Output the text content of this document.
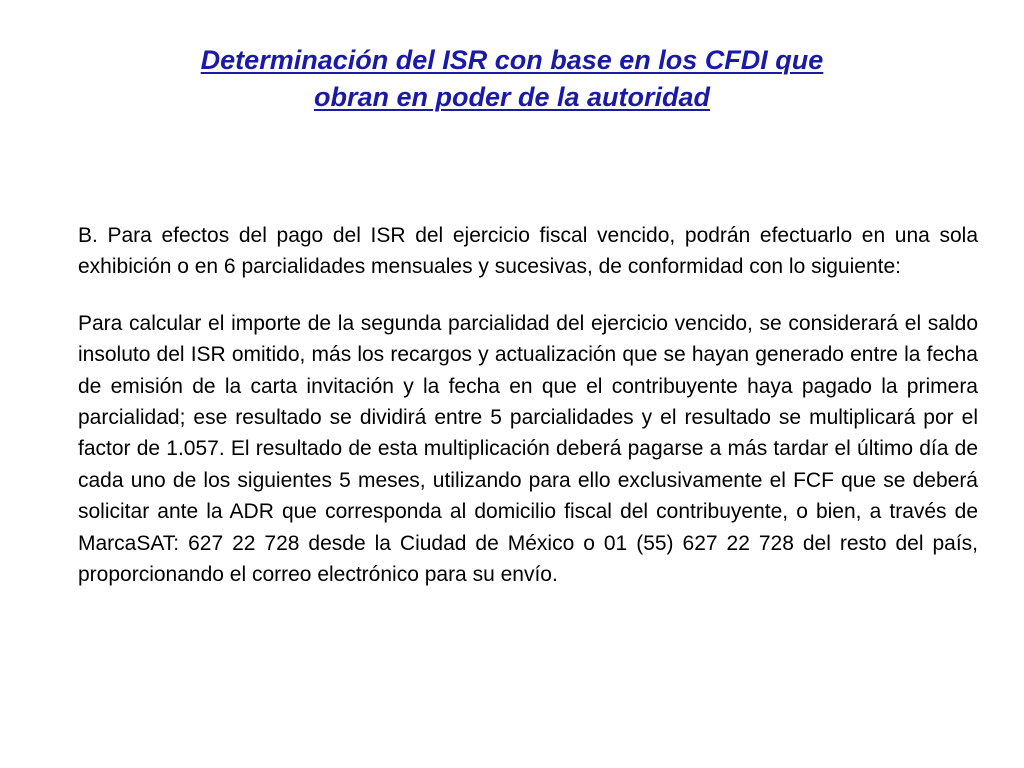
Determinación del ISR con base en los CFDI que
obran en poder de la autoridad

B. Para efectos del pago del ISR del ejercicio fiscal vencido, podrán efectuarlo en una sola exhibición o en 6 parcialidades mensuales y sucesivas, de conformidad con lo siguiente:

Para calcular el importe de la segunda parcialidad del ejercicio vencido, se considerará el saldo insoluto del ISR omitido, más los recargos y actualización que se hayan generado entre la fecha de emisión de la carta invitación y la fecha en que el contribuyente haya pagado la primera parcialidad; ese resultado se dividirá entre 5 parcialidades y el resultado se multiplicará por el factor de 1.057. El resultado de esta multiplicación deberá pagarse a más tardar el último día de cada uno de los siguientes 5 meses, utilizando para ello exclusivamente el FCF que se deberá solicitar ante la ADR que corresponda al domicilio fiscal del contribuyente, o bien, a través de MarcaSAT: 627 22 728 desde la Ciudad de México o 01 (55) 627 22 728 del resto del país, proporcionando el correo electrónico para su envío.
